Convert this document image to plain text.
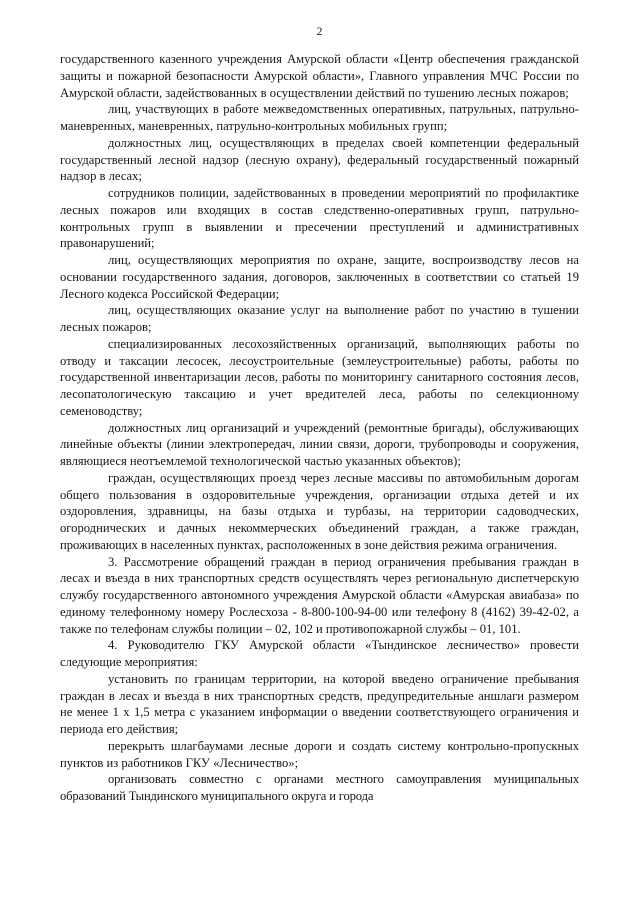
2

государственного казенного учреждения Амурской области «Центр обеспечения гражданской защиты и пожарной безопасности Амурской области», Главного управления МЧС России по Амурской области, задействованных в осуществлении действий по тушению лесных пожаров;

лиц, участвующих в работе межведомственных оперативных, патрульных, патрульно-маневренных, маневренных, патрульно-контрольных мобильных групп;

должностных лиц, осуществляющих в пределах своей компетенции федеральный государственный лесной надзор (лесную охрану), федеральный государственный пожарный надзор в лесах;

сотрудников полиции, задействованных в проведении мероприятий по профилактике лесных пожаров или входящих в состав следственно-оперативных групп, патрульно-контрольных групп в выявлении и пресечении преступлений и административных правонарушений;

лиц, осуществляющих мероприятия по охране, защите, воспроизводству лесов на основании государственного задания, договоров, заключенных в соответствии со статьей 19 Лесного кодекса Российской Федерации;

лиц, осуществляющих оказание услуг на выполнение работ по участию в тушении лесных пожаров;

специализированных лесохозяйственных организаций, выполняющих работы по отводу и таксации лесосек, лесоустроительные (землеустроительные) работы, работы по государственной инвентаризации лесов, работы по мониторингу санитарного состояния лесов, лесопатологическую таксацию и учет вредителей леса, работы по селекционному семеноводству;

должностных лиц организаций и учреждений (ремонтные бригады), обслуживающих линейные объекты (линии электропередач, линии связи, дороги, трубопроводы и сооружения, являющиеся неотъемлемой технологической частью указанных объектов);

граждан, осуществляющих проезд через лесные массивы по автомобильным дорогам общего пользования в оздоровительные учреждения, организации отдыха детей и их оздоровления, здравницы, на базы отдыха и турбазы, на территории садоводческих, огороднических и дачных некоммерческих объединений граждан, а также граждан, проживающих в населенных пунктах, расположенных в зоне действия режима ограничения.

3. Рассмотрение обращений граждан в период ограничения пребывания граждан в лесах и въезда в них транспортных средств осуществлять через региональную диспетчерскую службу государственного автономного учреждения Амурской области «Амурская авиабаза» по единому телефонному номеру Рослесхоза - 8-800-100-94-00 или телефону 8 (4162) 39-42-02, а также по телефонам службы полиции – 02, 102 и противопожарной службы – 01, 101.

4. Руководителю ГКУ Амурской области «Тындинское лесничество» провести следующие мероприятия:

установить по границам территории, на которой введено ограничение пребывания граждан в лесах и въезда в них транспортных средств, предупредительные аншлаги размером не менее 1 х 1,5 метра с указанием информации о введении соответствующего ограничения и периода его действия;

перекрыть шлагбаумами лесные дороги и создать систему контрольно-пропускных пунктов из работников ГКУ «Лесничество»;

организовать совместно с органами местного самоуправления муниципальных образований Тындинского муниципального округа и города
